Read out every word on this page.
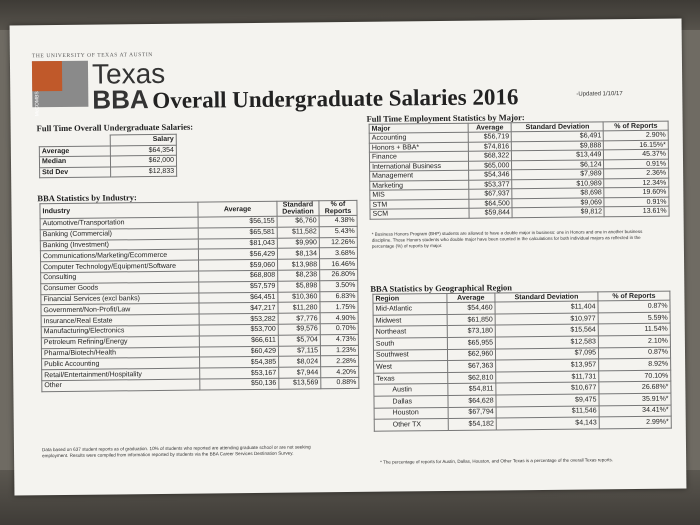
THE UNIVERSITY OF TEXAS AT AUSTIN
McCOMBS
Texas
BBA Overall Undergraduate Salaries 2016	-Updated 1/10/17
Full Time Overall Undergraduate Salaries:
	Salary
Average	$64,354
Median	$62,000
Std Dev	$12,833
BBA Statistics by Industry:
Industry	Average	Standard Deviation	% of Reports
Automotive/Transportation	$56,155	$6,760	4.38%
Banking (Commercial)	$65,581	$11,582	5.43%
Banking (Investment)	$81,043	$9,990	12.26%
Communications/Marketing/Ecommerce	$56,429	$8,134	3.68%
Computer Technology/Equipment/Software	$59,060	$13,988	16.46%
Consulting	$68,808	$8,238	26.80%
Consumer Goods	$57,579	$5,898	3.50%
Financial Services (excl banks)	$64,451	$10,360	6.83%
Government/Non-Profit/Law	$47,217	$11,280	1.75%
Insurance/Real Estate	$53,282	$7,776	4.90%
Manufacturing/Electronics	$53,700	$9,576	0.70%
Petroleum Refining/Energy	$66,611	$5,704	4.73%
Pharma/Biotech/Health	$60,429	$7,115	1.23%
Public Accounting	$54,385	$8,024	2.28%
Retail/Entertainment/Hospitality	$53,167	$7,944	4.20%
Other	$50,136	$13,569	0.88%
Data based on 637 student reports as of graduation. 10% of students who reported are attending graduate school or are not seeking employment. Results were compiled from information reported by students via the BBA Career Services Destination Survey.
Full Time Employment Statistics by Major:
Major	Average	Standard Deviation	% of Reports
Accounting	$56,719	$6,491	2.90%
Honors + BBA*	$74,816	$9,888	16.15%*
Finance	$68,322	$13,449	45.37%
International Business	$65,000	$6,124	0.91%
Management	$54,346	$7,989	2.36%
Marketing	$53,377	$10,989	12.34%
MIS	$67,937	$8,698	19.60%
STM	$64,500	$9,069	0.91%
SCM	$59,844	$9,812	13.61%
* Business Honors Program (BHP) students are allowed to have a double major in business: one in Honors and one in another business discipline. Those Honors students who double major have been counted in the calculations for both individual majors as reflected in the percentage (%) of reports by major.
BBA Statistics by Geographical Region
Region	Average	Standard Deviation	% of Reports
Mid-Atlantic	$54,460	$11,404	0.87%
Midwest	$61,850	$10,977	5.59%
Northeast	$73,180	$15,564	11.54%
South	$65,955	$12,583	2.10%
Southwest	$62,960	$7,095	0.87%
West	$67,363	$13,957	8.92%
Texas	$62,810	$11,731	70.10%
Austin	$54,811	$10,677	26.68%*
Dallas	$64,628	$9,475	35.91%*
Houston	$67,794	$11,546	34.41%*
Other TX	$54,182	$4,143	2.99%*
* The percentage of reports for Austin, Dallas, Houston, and Other Texas is a percentage of the overall Texas reports.
